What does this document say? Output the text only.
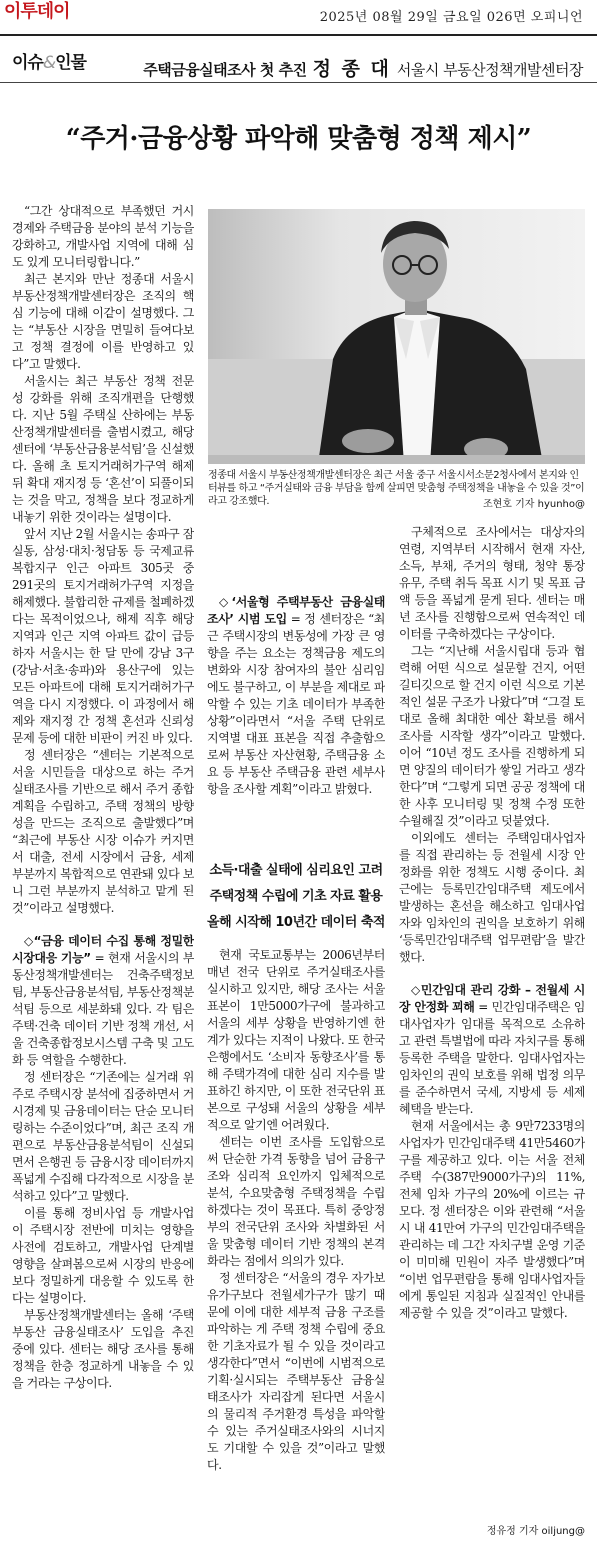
이투데이	2025년 08월 29일 금요일 026면 오피니언
이슈&인물	주택금융실태조사 첫 추진 정 종 대 서울시 부동산정책개발센터장
“주거·금융상황 파악해 맞춤형 정책 제시”
정종대 서울시 부동산정책개발센터장은 최근 서울 중구 서울시서소문2청사에서 본지와 인터뷰를 하고 “주거실태와 금융 부담을 함께 살피면 맞춤형 주택정책을 내놓을 수 있을 것”이라고 강조했다.	조현호 기자 hyunho@

“그간 상대적으로 부족했던 거시경제와 주택금융 분야의 분석 기능을 강화하고, 개발사업 지역에 대해 심도 있게 모니터링합니다.”

최근 본지와 만난 정종대 서울시 부동산정책개발센터장은 조직의 핵심 기능에 대해 이같이 설명했다. 그는 “부동산 시장을 면밀히 들여다보고 정책 결정에 이를 반영하고 있다”고 말했다.

서울시는 최근 부동산 정책 전문성 강화를 위해 조직개편을 단행했다. 지난 5월 주택실 산하에는 부동산정책개발센터를 출범시켰고, 해당 센터에 ‘부동산금융분석팀’을 신설했다. 올해 초 토지거래허가구역 해제 뒤 확대 재지정 등 ‘혼선’이 되풀이되는 것을 막고, 정책을 보다 정교하게 내놓기 위한 것이라는 설명이다.

앞서 지난 2월 서울시는 송파구 잠실동, 삼성·대치·청담동 등 국제교류복합지구 인근 아파트 305곳 중 291곳의 토지거래허가구역 지정을 해제했다. 불합리한 규제를 철폐하겠다는 목적이었으나, 해제 직후 해당 지역과 인근 지역 아파트 값이 급등하자 서울시는 한 달 만에 강남 3구(강남·서초·송파)와 용산구에 있는 모든 아파트에 대해 토지거래허가구역을 다시 지정했다. 이 과정에서 해제와 재지정 간 정책 혼선과 신뢰성 문제 등에 대한 비판이 커진 바 있다.

정 센터장은 “센터는 기본적으로 서울 시민들을 대상으로 하는 주거 실태조사를 기반으로 해서 주거 종합계획을 수립하고, 주택 정책의 방향성을 만드는 조직으로 출발했다”며 “최근에 부동산 시장 이슈가 커지면서 대출, 전세 시장에서 금융, 세제 부분까지 복합적으로 연관돼 있다 보니 그런 부분까지 분석하고 맡게 된 것”이라고 설명했다.

◇“금융 데이터 수집 통해 정밀한 시장대응 기능” = 현재 서울시의 부동산정책개발센터는 건축주택정보팀, 부동산금융분석팀, 부동산정책분석팀 등으로 세분화돼 있다. 각 팀은 주택·건축 데이터 기반 정책 개선, 서울 건축종합정보시스템 구축 및 고도화 등 역할을 수행한다.

정 센터장은 “기존에는 실거래 위주로 주택시장 분석에 집중하면서 거시경제 및 금융데이터는 단순 모니터링하는 수준이었다”며, 최근 조직 개편으로 부동산금융분석팀이 신설되면서 은행권 등 금융시장 데이터까지 폭넓게 수집해 다각적으로 시장을 분석하고 있다”고 말했다.

이를 통해 정비사업 등 개발사업이 주택시장 전반에 미치는 영향을 사전에 검토하고, 개발사업 단계별 영향을 살펴봄으로써 시장의 반응에 보다 정밀하게 대응할 수 있도록 한다는 설명이다.

부동산정책개발센터는 올해 ‘주택 부동산 금융실태조사’ 도입을 추진 중에 있다. 센터는 해당 조사를 통해 정책을 한층 정교하게 내놓을 수 있을 거라는 구상이다.

◇‘서울형 주택부동산 금융실태조사’ 시범 도입 = 정 센터장은 “최근 주택시장의 변동성에 가장 큰 영향을 주는 요소는 정책금융 제도의 변화와 시장 참여자의 불안 심리임에도 불구하고, 이 부분을 제대로 파악할 수 있는 기초 데이터가 부족한 상황”이라면서 “서울 주택 단위로 지역별 대표 표본을 직접 추출함으로써 부동산 자산현황, 주택금융 소요 등 부동산 주택금융 관련 세부사항을 조사할 계획”이라고 밝혔다.

소득·대출 실태에 심리요인 고려
주택정책 수립에 기초 자료 활용
올해 시작해 10년간 데이터 축적

현재 국토교통부는 2006년부터 매년 전국 단위로 주거실태조사를 실시하고 있지만, 해당 조사는 서울 표본이 1만5000가구에 불과하고 서울의 세부 상황을 반영하기엔 한계가 있다는 지적이 나왔다. 또 한국은행에서도 ‘소비자 동향조사’를 통해 주택가격에 대한 심리 지수를 발표하긴 하지만, 이 또한 전국단위 표본으로 구성돼 서울의 상황을 세부적으로 알기엔 어려웠다.

센터는 이번 조사를 도입함으로써 단순한 가격 동향을 넘어 금융구조와 심리적 요인까지 입체적으로 분석, 수요맞춤형 주택정책을 수립하겠다는 것이 목표다. 특히 중앙정부의 전국단위 조사와 차별화된 서울 맞춤형 데이터 기반 정책의 본격화라는 점에서 의의가 있다.

정 센터장은 “서울의 경우 자가보유가구보다 전월세가구가 많기 때문에 이에 대한 세부적 금융 구조를 파악하는 게 주택 정책 수립에 중요한 기초자료가 될 수 있을 것이라고 생각한다”면서 “이번에 시범적으로 기획·실시되는 주택부동산 금융실태조사가 자리잡게 된다면 서울시의 물리적 주거환경 특성을 파악할 수 있는 주거실태조사와의 시너지도 기대할 수 있을 것”이라고 말했다.

구체적으로 조사에서는 대상자의 연령, 지역부터 시작해서 현재 자산, 소득, 부채, 주거의 형태, 청약 통장 유무, 주택 취득 목표 시기 및 목표 금액 등을 폭넓게 묻게 된다. 센터는 매년 조사를 진행함으로써 연속적인 데이터를 구축하겠다는 구상이다.

그는 “지난해 서울시립대 등과 협력해 어떤 식으로 설문할 건지, 어떤 길티깃으로 할 건지 이런 식으로 기본적인 설문 구조가 나왔다”며 “그걸 토대로 올해 최대한 예산 확보를 해서 조사를 시작할 생각”이라고 말했다. 이어 “10년 정도 조사를 진행하게 되면 양질의 데이터가 쌓일 거라고 생각한다”며 “그렇게 되면 공공 정책에 대한 사후 모니터링 및 정책 수정 또한 수월해질 것”이라고 덧붙였다.

이외에도 센터는 주택임대사업자를 직접 관리하는 등 전월세 시장 안정화를 위한 정책도 시행 중이다. 최근에는 등록민간임대주택 제도에서 발생하는 혼선을 해소하고 임대사업자와 임차인의 권익을 보호하기 위해 ‘등록민간임대주택 업무편람’을 발간했다.

◇민간임대 관리 강화 – 전월세 시장 안정화 꾀해 = 민간임대주택은 임대사업자가 임대를 목적으로 소유하고 관련 특별법에 따라 자치구를 통해 등록한 주택을 말한다. 임대사업자는 임차인의 권익 보호를 위해 법정 의무를 준수하면서 국세, 지방세 등 세제 혜택을 받는다.

현재 서울에서는 총 9만7233명의 사업자가 민간임대주택 41만5460가구를 제공하고 있다. 이는 서울 전체 주택 수(387만9000가구)의 11%, 전체 임차 가구의 20%에 이르는 규모다. 정 센터장은 이와 관련해 “서울시 내 41만여 가구의 민간임대주택을 관리하는 데 그간 자치구별 운영 기준이 미미해 민원이 자주 발생했다”며 “이번 업무편람을 통해 임대사업자들에게 통일된 지침과 실질적인 안내를 제공할 수 있을 것”이라고 말했다.

정유정 기자 oiljung@
